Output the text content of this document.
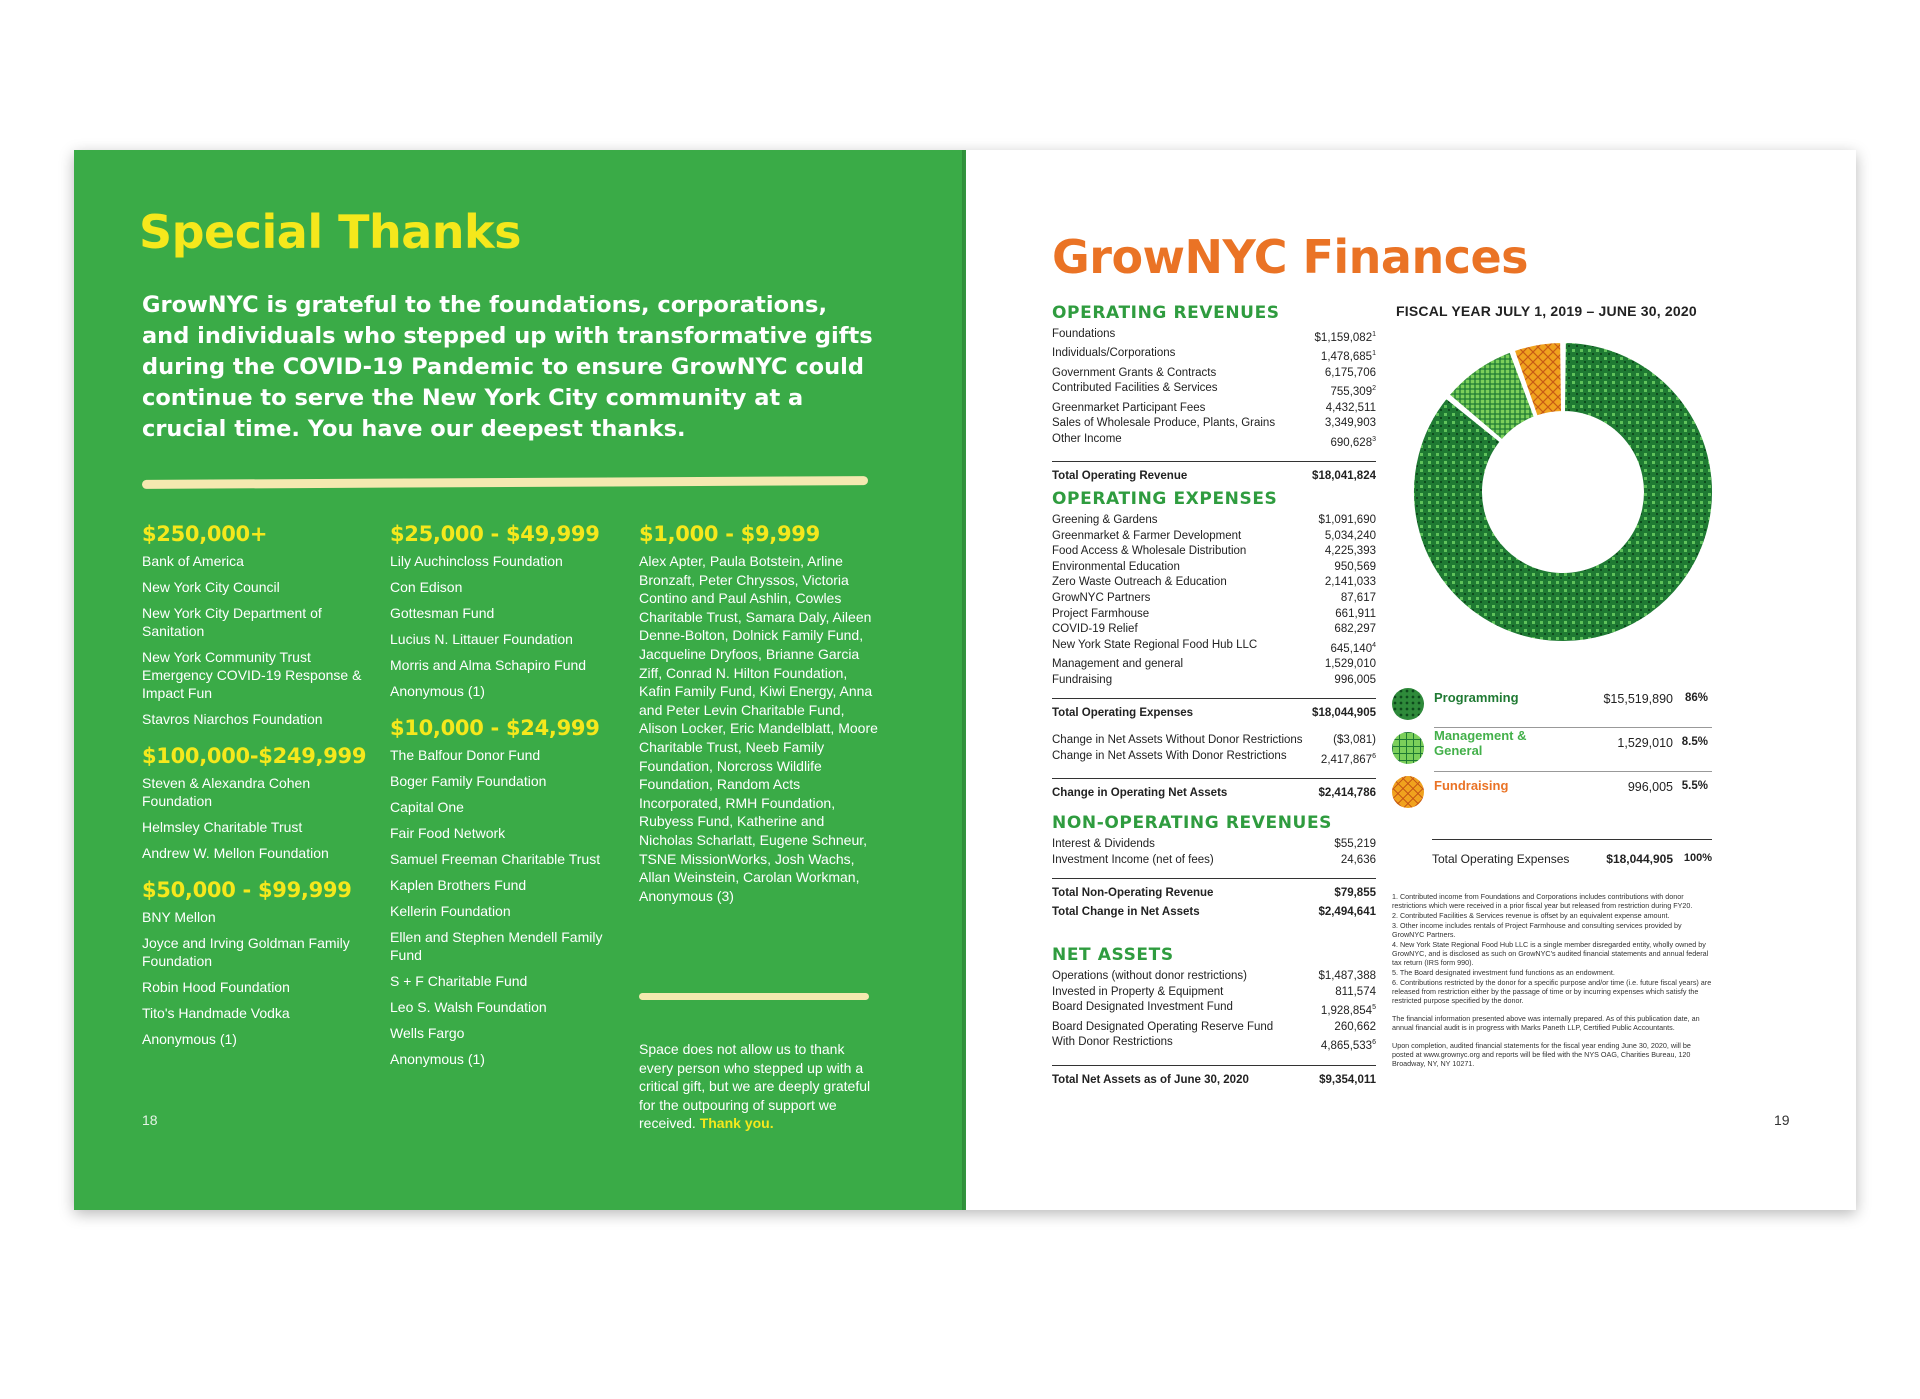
Special Thanks
GrowNYC is grateful to the foundations, corporations, and individuals who stepped up with transformative gifts during the COVID-19 Pandemic to ensure GrowNYC could continue to serve the New York City community at a crucial time. You have our deepest thanks.
$250,000+
Bank of America
New York City Council
New York City Department of Sanitation
New York Community Trust Emergency COVID-19 Response & Impact Fun
Stavros Niarchos Foundation
$100,000-$249,999
Steven & Alexandra Cohen Foundation
Helmsley Charitable Trust
Andrew W. Mellon Foundation
$50,000 - $99,999
BNY Mellon
Joyce and Irving Goldman Family Foundation
Robin Hood Foundation
Tito's Handmade Vodka
Anonymous (1)
$25,000 - $49,999
Lily Auchincloss Foundation
Con Edison
Gottesman Fund
Lucius N. Littauer Foundation
Morris and Alma Schapiro Fund
Anonymous (1)
$10,000 - $24,999
The Balfour Donor Fund
Boger Family Foundation
Capital One
Fair Food Network
Samuel Freeman Charitable Trust
Kaplen Brothers Fund
Kellerin Foundation
Ellen and Stephen Mendell Family Fund
S + F Charitable Fund
Leo S. Walsh Foundation
Wells Fargo
Anonymous (1)
$1,000 - $9,999
Alex Apter, Paula Botstein, Arline Bronzaft, Peter Chryssos, Victoria Contino and Paul Ashlin, Cowles Charitable Trust, Samara Daly, Aileen Denne-Bolton, Dolnick Family Fund, Jacqueline Dryfoos, Brianne Garcia Ziff, Conrad N. Hilton Foundation, Kafin Family Fund, Kiwi Energy, Anna and Peter Levin Charitable Fund, Alison Locker, Eric Mandelblatt, Moore Charitable Trust, Neeb Family Foundation, Norcross Wildlife Foundation, Random Acts Incorporated, RMH Foundation, Rubyess Fund, Katherine and Nicholas Scharlatt, Eugene Schneur, TSNE MissionWorks, Josh Wachs, Allan Weinstein, Carolan Workman, Anonymous (3)
Space does not allow us to thank every person who stepped up with a critical gift, but we are deeply grateful for the outpouring of support we received. Thank you.
18
GrowNYC Finances
OPERATING REVENUES
Foundations	$1,159,082$^1$
Individuals/Corporations	1,478,685$^1$
Government Grants & Contracts	6,175,706
Contributed Facilities & Services	755,309$^2$
Greenmarket Participant Fees	4,432,511
Sales of Wholesale Produce, Plants, Grains	3,349,903
Other Income	690,628$^3$
Total Operating Revenue	$18,041,824
OPERATING EXPENSES
Greening & Gardens	$1,091,690
Greenmarket & Farmer Development	5,034,240
Food Access & Wholesale Distribution	4,225,393
Environmental Education	950,569
Zero Waste Outreach & Education	2,141,033
GrowNYC Partners	87,617
Project Farmhouse	661,911
COVID-19 Relief	682,297
New York State Regional Food Hub LLC	645,140$^4$
Management and general	1,529,010
Fundraising	996,005
Total Operating Expenses	$18,044,905
Change in Net Assets Without Donor Restrictions	($3,081)
Change in Net Assets With Donor Restrictions	2,417,867$^6$
Change in Operating Net Assets	$2,414,786
NON-OPERATING REVENUES
Interest & Dividends	$55,219
Investment Income (net of fees)	24,636
Total Non-Operating Revenue	$79,855
Total Change in Net Assets	$2,494,641
NET ASSETS
Operations (without donor restrictions)	$1,487,388
Invested in Property & Equipment	811,574
Board Designated Investment Fund	1,928,854$^5$
Board Designated Operating Reserve Fund	260,662
With Donor Restrictions	4,865,533$^6$
Total Net Assets as of June 30, 2020	$9,354,011
FISCAL YEAR JULY 1, 2019 – JUNE 30, 2020
Programming	$15,519,890	86%
Management & General	1,529,010 8.5%
Fundraising	996,005 5.5%
Total Operating Expenses	$18,044,905 100%

1. Contributed income from Foundations and Corporations includes contributions with donor restrictions which were received in a prior fiscal year but released from restriction during FY20.

2. Contributed Facilities & Services revenue is offset by an equivalent expense amount.

3. Other income includes rentals of Project Farmhouse and consulting services provided by GrowNYC Partners.

4. New York State Regional Food Hub LLC is a single member disregarded entity, wholly owned by GrowNYC, and is disclosed as such on GrowNYC's audited financial statements and annual federal tax return (IRS form 990).

5. The Board designated investment fund functions as an endowment.

6. Contributions restricted by the donor for a specific purpose and/or time (i.e. future fiscal years) are released from restriction either by the passage of time or by incurring expenses which satisfy the restricted purpose specified by the donor.

The financial information presented above was internally prepared. As of this publication date, an annual financial audit is in progress with Marks Paneth LLP, Certified Public Accountants.

Upon completion, audited financial statements for the fiscal year ending June 30, 2020, will be posted at www.grownyc.org and reports will be filed with the NYS OAG, Charities Bureau, 120 Broadway, NY, NY 10271.

19
